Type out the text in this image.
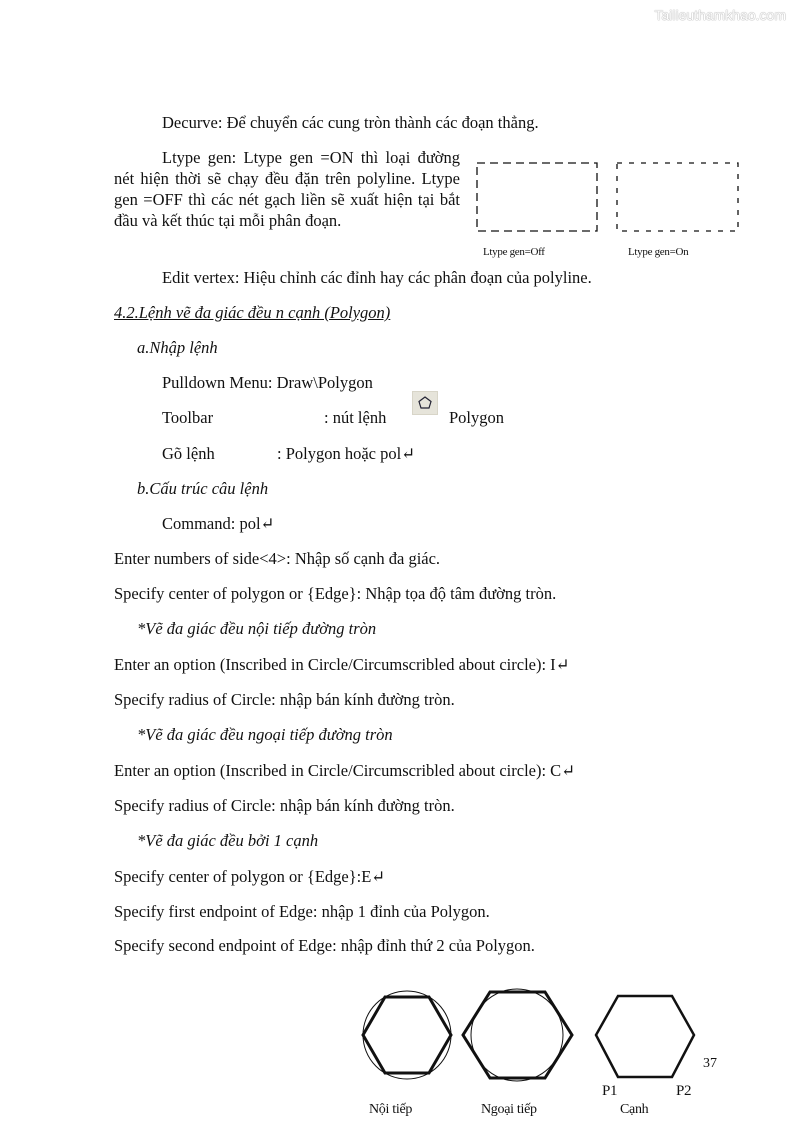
Tailieuthamkhao.com
Decurve: Để chuyển các cung tròn thành các đoạn thẳng.
Ltype gen: Ltype gen =ON thì loại đường nét hiện thời sẽ chạy đều đặn trên polyline. Ltype gen =OFF thì các nét gạch liền sẽ xuất hiện tại bắt đầu và kết thúc tại mỗi phân đoạn.
Ltype gen=Off	Ltype gen=On
Edit vertex: Hiệu chỉnh các đỉnh hay các phân đoạn của polyline.
4.2.Lệnh vẽ đa giác đều n cạnh (Polygon)
a.Nhập lệnh
Pulldown Menu: Draw\Polygon
Toolbar	: nút lệnh	Polygon
Gõ lệnh	: Polygon hoặc pol↵
b.Cấu trúc câu lệnh
Command: pol↵
Enter numbers of side<4>: Nhập số cạnh đa giác.
Specify center of polygon or {Edge}: Nhập tọa độ tâm đường tròn.
*Vẽ đa giác đều nội tiếp đường tròn
Enter an option (Inscribed in Circle/Circumscribled about circle): I↵
Specify radius of Circle: nhập bán kính đường tròn.
*Vẽ đa giác đều ngoại tiếp đường tròn
Enter an option (Inscribed in Circle/Circumscribled about circle): C↵
Specify radius of Circle: nhập bán kính đường tròn.
*Vẽ đa giác đều bởi 1 cạnh
Specify center of polygon or {Edge}:E↵
Specify first endpoint of Edge: nhập 1 đỉnh của Polygon.
Specify second endpoint of Edge: nhập đỉnh thứ 2 của Polygon.
P1	P2
Nội tiếp	Ngoại tiếp	Cạnh
37
